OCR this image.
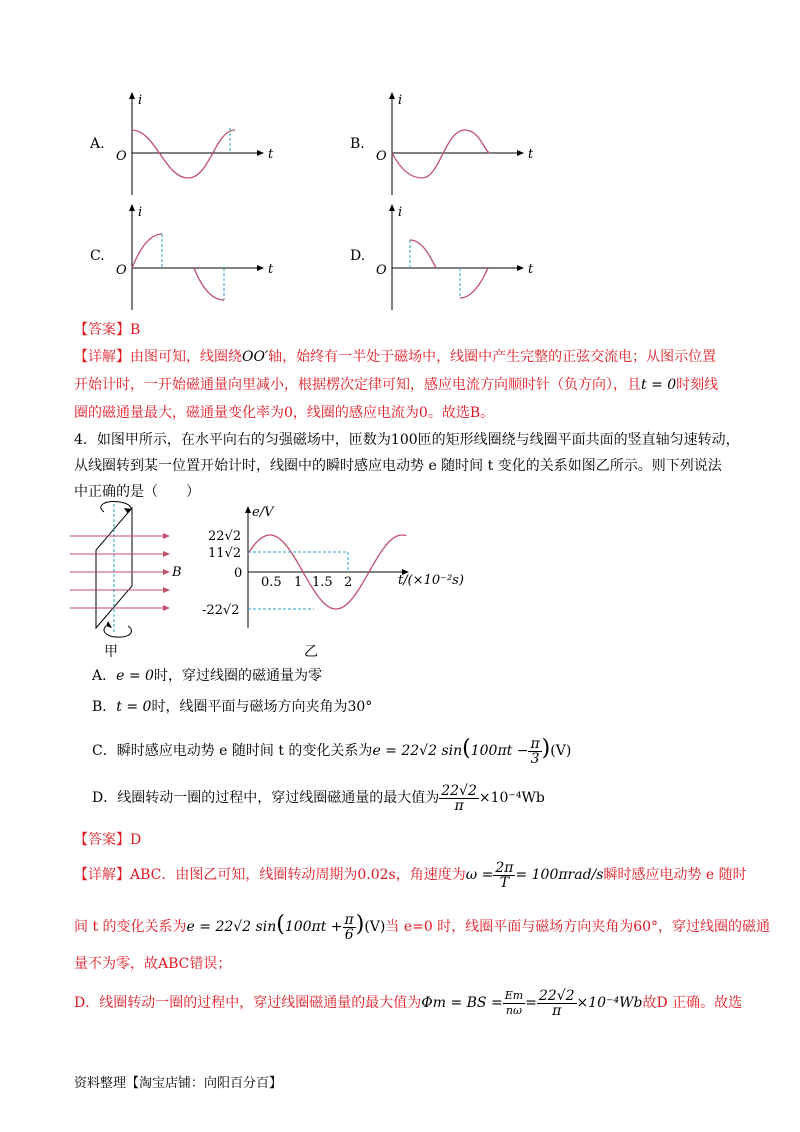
A.
i
t
O
B.
i
t
O
C.
i
t
O
D.
i
t
O
【答案】B
【详解】由图可知，线圈绕OO′轴，始终有一半处于磁场中，线圈中产生完整的正弦交流电；从图示位置
开始计时，一开始磁通量向里减小，根据楞次定律可知，感应电流方向顺时针（负方向），且t = 0时刻线
圈的磁通量最大，磁通量变化率为0，线圈的感应电流为0。故选B。
4．如图甲所示，在水平向右的匀强磁场中，匝数为100匝的矩形线圈绕与线圈平面共面的竖直轴匀速转动，
从线圈转到某一位置开始计时，线圈中的瞬时感应电动势 e 随时间 t 变化的关系如图乙所示。则下列说法
中正确的是（　　）
B
甲
e/V
22√2
11√2
0
-22√2
0.5 1 1.5 2	t/(×10⁻²s)
乙
A．e = 0时，穿过线圈的磁通量为零
B．t = 0时，线圈平面与磁场方向夹角为30°
C．瞬时感应电动势 e 随时间 t 的变化关系为e = 22√2 $\sin(100\pi t - \frac{\pi}{3} )(V)$
D．线圈转动一圈的过程中，穿过线圈磁通量的最大值为 $\frac{22√2}{\pi} \times 10^{-4}Wb$
【答案】D
【详解】ABC．由图乙可知，线圈转动周期为0.02s，角速度为$\omega = \frac{2\pi}{T} = 100\pi rad/s$瞬时感应电动势 e 随时
间 t 的变化关系为e = 22√2 $\sin(100\pi t + \frac{\pi}{6} )(V)$当 e=0 时，线圈平面与磁场方向夹角为60°，穿过线圈的磁通
量不为零，故ABC错误；
D．线圈转动一圈的过程中，穿过线圈磁通量的最大值为Φm = BS = $\frac{Em}{n\omega} = \frac{22√2}{\pi} \times 10^{-4}Wb$故D 正确。故选
资料整理【淘宝店铺：向阳百分百】
